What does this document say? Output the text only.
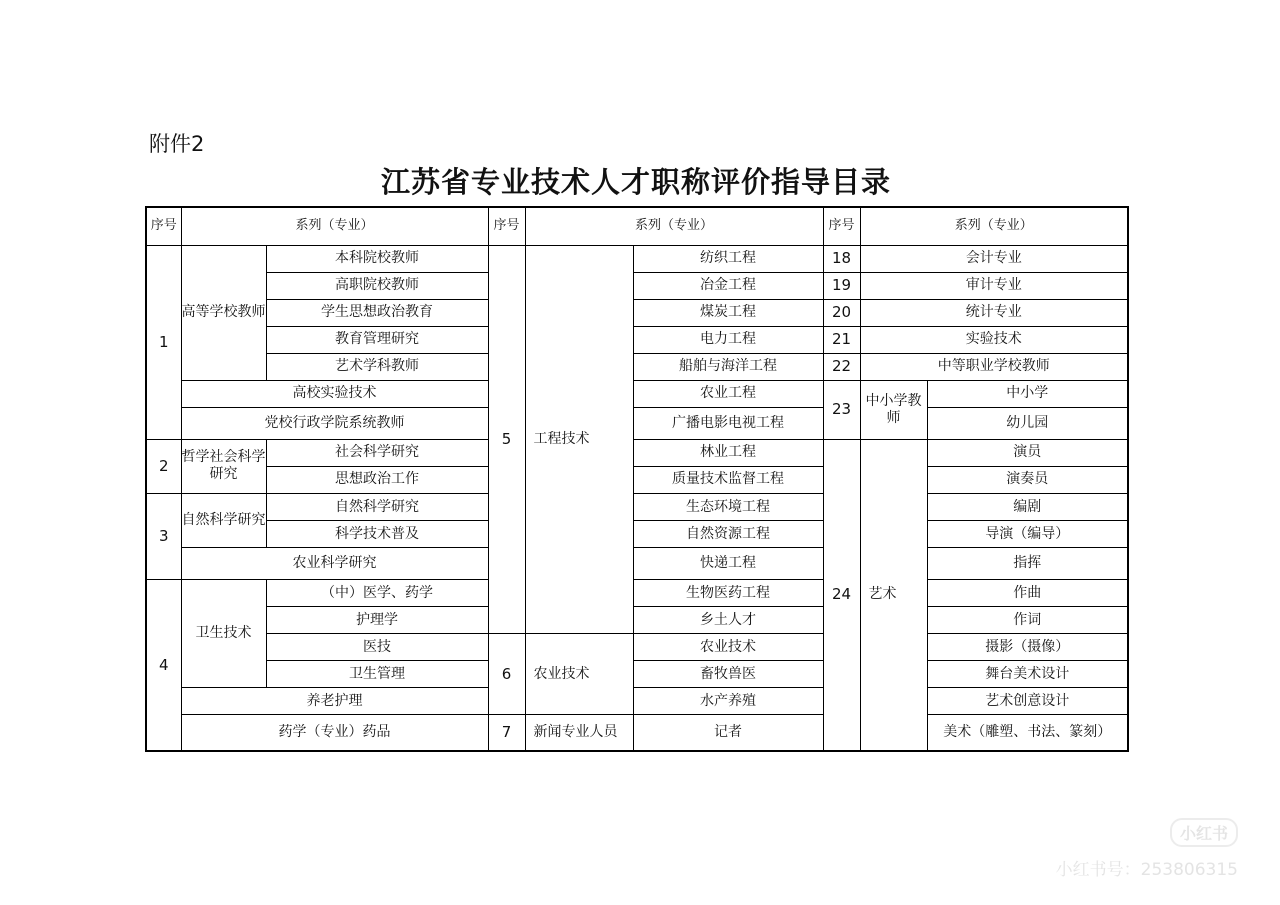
附件2
江苏省专业技术人才职称评价指导目录
序号	系列（专业）		序号	系列（专业）		序号	系列（专业）	
1	高等学校教师	本科院校教师	5	工程技术	纺织工程	18	会计专业	
		高职院校教师			冶金工程	19	审计专业	
		学生思想政治教育			煤炭工程	20	统计专业	
		教育管理研究			电力工程	21	实验技术	
		艺术学科教师			船舶与海洋工程	22	中等职业学校教师	
	高校实验技术				农业工程	23	中小学教师	中小学
	党校行政学院系统教师				广播电影电视工程			幼儿园
2	哲学社会科学研究	社会科学研究			林业工程	24	艺术	演员
		思想政治工作			质量技术监督工程			演奏员
3	自然科学研究	自然科学研究			生态环境工程			编剧
		科学技术普及			自然资源工程			导演（编导）
	农业科学研究				快递工程			指挥
4	卫生技术	（中）医学、药学			生物医药工程			作曲
		护理学			乡土人才			作词
		医技	6	农业技术	农业技术			摄影（摄像）
		卫生管理			畜牧兽医			舞台美术设计
	养老护理				水产养殖			艺术创意设计
	药学（专业）药品		7	新闻专业人员	记者			美术（雕塑、书法、篆刻）
小红书
小红书号：253806315
